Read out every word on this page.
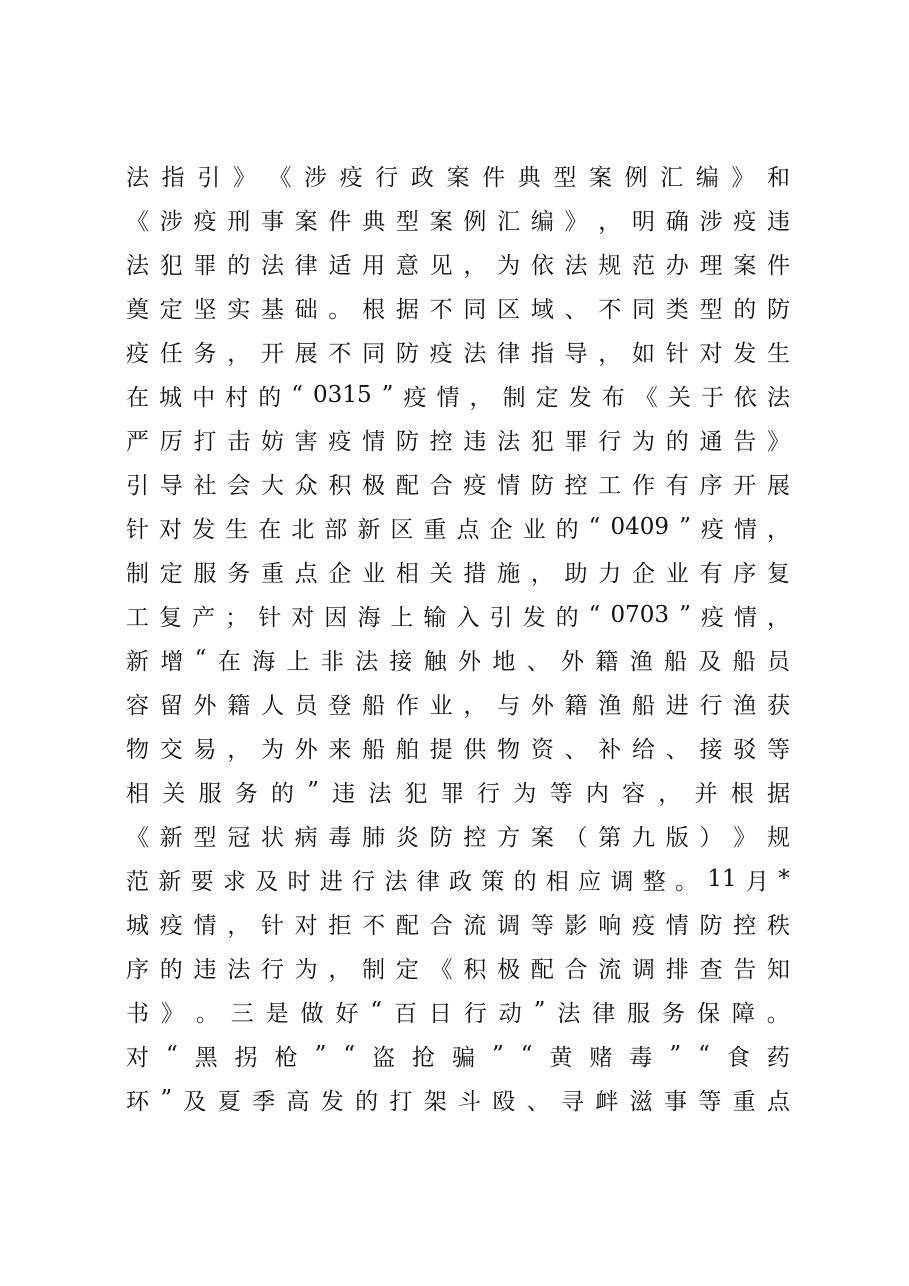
法 指 引 》 《 涉 疫 行 政 案 件 典 型 案 例 汇 编 》 和
《 涉 疫 刑 事 案 件 典 型 案 例 汇 编 》 ， 明 确 涉 疫 违
法 犯 罪 的 法 律 适 用 意 见 ， 为 依 法 规 范 办 理 案 件
奠 定 坚 实 基 础 。 根 据 不 同 区 域 、 不 同 类 型 的 防
疫 任 务 ， 开 展 不 同 防 疫 法 律 指 导 ， 如 针 对 发 生
在 城 中 村 的 “ 0315 ” 疫 情 ， 制 定 发 布 《 关 于 依 法
严 厉 打 击 妨 害 疫 情 防 控 违 法 犯 罪 行 为 的 通 告 》
引 导 社 会 大 众 积 极 配 合 疫 情 防 控 工 作 有 序 开 展
针 对 发 生 在 北 部 新 区 重 点 企 业 的 “ 0409 ” 疫 情 ，
制 定 服 务 重 点 企 业 相 关 措 施 ， 助 力 企 业 有 序 复
工 复 产 ； 针 对 因 海 上 输 入 引 发 的 “ 0703 ” 疫 情 ，
新 增 “ 在 海 上 非 法 接 触 外 地 、 外 籍 渔 船 及 船 员
容 留 外 籍 人 员 登 船 作 业 ， 与 外 籍 渔 船 进 行 渔 获
物 交 易 ， 为 外 来 船 舶 提 供 物 资 、 补 给 、 接 驳 等
相 关 服 务 的 ” 违 法 犯 罪 行 为 等 内 容 ， 并 根 据
《 新 型 冠 状 病 毒 肺 炎 防 控 方 案 （ 第 九 版 ） 》 规
范 新 要 求 及 时 进 行 法 律 政 策 的 相 应 调 整 。 11 月 *
城 疫 情 ， 针 对 拒 不 配 合 流 调 等 影 响 疫 情 防 控 秩
序 的 违 法 行 为 ， 制 定 《 积 极 配 合 流 调 排 查 告 知
书 》 。 三 是 做 好 “ 百 日 行 动 ” 法 律 服 务 保 障 。
对 “ 黑 拐 枪 ” “ 盗 抢 骗 ” “ 黄 赌 毒 ” “ 食 药
环 ” 及 夏 季 高 发 的 打 架 斗 殴 、 寻 衅 滋 事 等 重 点
